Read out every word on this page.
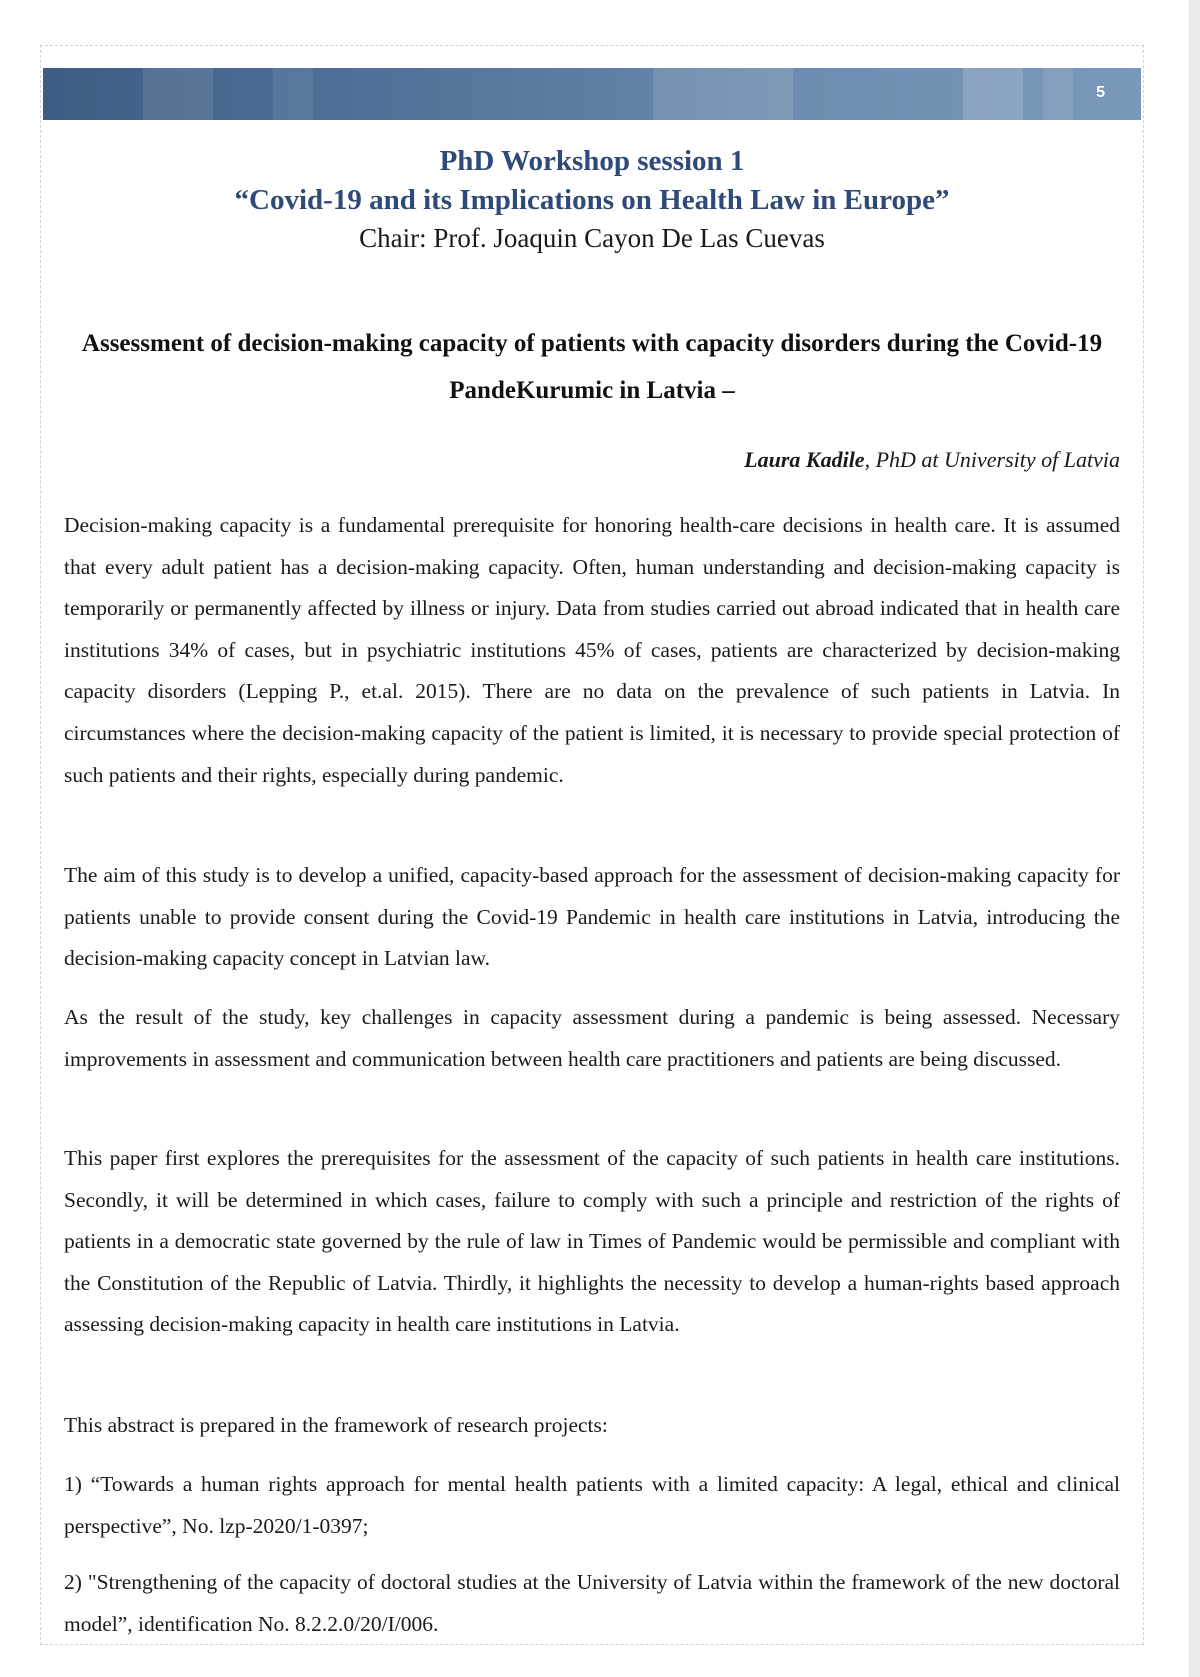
5
PhD Workshop session 1
“Covid-19 and its Implications on Health Law in Europe”
Chair: Prof. Joaquin Cayon De Las Cuevas
Assessment of decision-making capacity of patients with capacity disorders during the Covid-19 PandeKurumic in Latvia –
Laura Kadile, PhD at University of Latvia

Decision-making capacity is a fundamental prerequisite for honoring health-care decisions in health care. It is assumed that every adult patient has a decision-making capacity. Often, human understanding and decision-making capacity is temporarily or permanently affected by illness or injury. Data from studies carried out abroad indicated that in health care institutions 34% of cases, but in psychiatric institutions 45% of cases, patients are characterized by decision-making capacity disorders (Lepping P., et.al. 2015). There are no data on the prevalence of such patients in Latvia. In circumstances where the decision-making capacity of the patient is limited, it is necessary to provide special protection of such patients and their rights, especially during pandemic.

The aim of this study is to develop a unified, capacity-based approach for the assessment of decision-making capacity for patients unable to provide consent during the Covid-19 Pandemic in health care institutions in Latvia, introducing the decision-making capacity concept in Latvian law.

As the result of the study, key challenges in capacity assessment during a pandemic is being assessed. Necessary improvements in assessment and communication between health care practitioners and patients are being discussed.

This paper first explores the prerequisites for the assessment of the capacity of such patients in health care institutions. Secondly, it will be determined in which cases, failure to comply with such a principle and restriction of the rights of patients in a democratic state governed by the rule of law in Times of Pandemic would be permissible and compliant with the Constitution of the Republic of Latvia. Thirdly, it highlights the necessity to develop a human-rights based approach assessing decision-making capacity in health care institutions in Latvia.

This abstract is prepared in the framework of research projects:

1) “Towards a human rights approach for mental health patients with a limited capacity: A legal, ethical and clinical perspective”, No. lzp-2020/1-0397;

2) "Strengthening of the capacity of doctoral studies at the University of Latvia within the framework of the new doctoral model”, identification No. 8.2.2.0/20/I/006.
